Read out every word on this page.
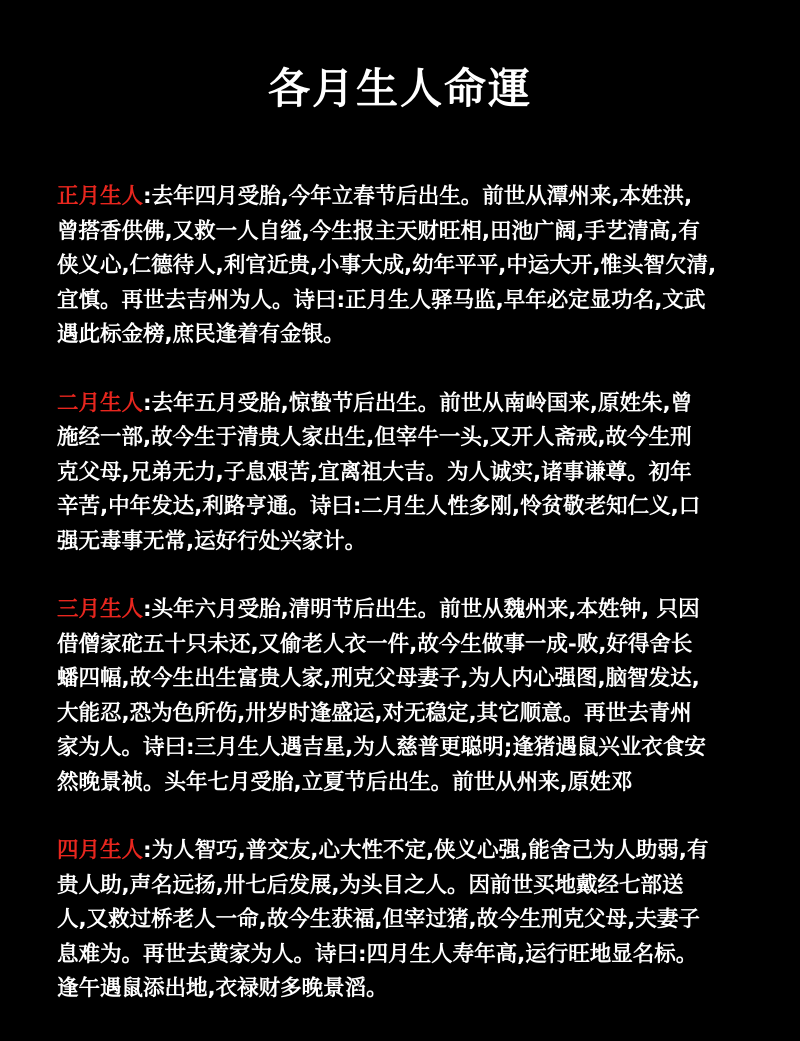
各月生人命運
正月生人:去年四月受胎,今年立春节后出生。前世从潭州来,本姓洪,
曾搭香供佛,又救一人自缢,今生报主天财旺相,田池广阔,手艺清高,有
侠义心,仁德待人,利官近贵,小事大成,幼年平平,中运大开,惟头智欠清,
宜慎。再世去吉州为人。诗曰:正月生人驿马监,早年必定显功名,文武
遇此标金榜,庶民逢着有金银。
二月生人:去年五月受胎,惊蛰节后出生。前世从南岭国来,原姓朱,曾
施经一部,故今生于清贵人家出生,但宰牛一头,又开人斋戒,故今生刑
克父母,兄弟无力,子息艰苦,宜离祖大吉。为人诚实,诸事谦尊。初年
辛苦,中年发达,利路亨通。诗曰:二月生人性多刚,怜贫敬老知仁义,口
强无毒事无常,运好行处兴家计。
三月生人:头年六月受胎,清明节后出生。前世从魏州来,本姓钟, 只因
借僧家砣五十只未还,又偷老人衣一件,故今生做事一成-败,好得舍长
蟠四幅,故今生出生富贵人家,刑克父母妻子,为人内心强图,脑智发达,
大能忍,恐为色所伤,卅岁时逢盛运,对无稳定,其它顺意。再世去青州
家为人。诗曰:三月生人遇吉星,为人慈普更聪明;逢猪遇鼠兴业衣食安
然晚景祯。头年七月受胎,立夏节后出生。前世从州来,原姓邓
四月生人:为人智巧,普交友,心大性不定,侠义心强,能舍己为人助弱,有
贵人助,声名远扬,卅七后发展,为头目之人。因前世买地戴经七部送
人,又救过桥老人一命,故今生获福,但宰过猪,故今生刑克父母,夫妻子
息难为。再世去黄家为人。诗曰:四月生人寿年高,运行旺地显名标。
逢午遇鼠添出地,衣禄财多晚景滔。
